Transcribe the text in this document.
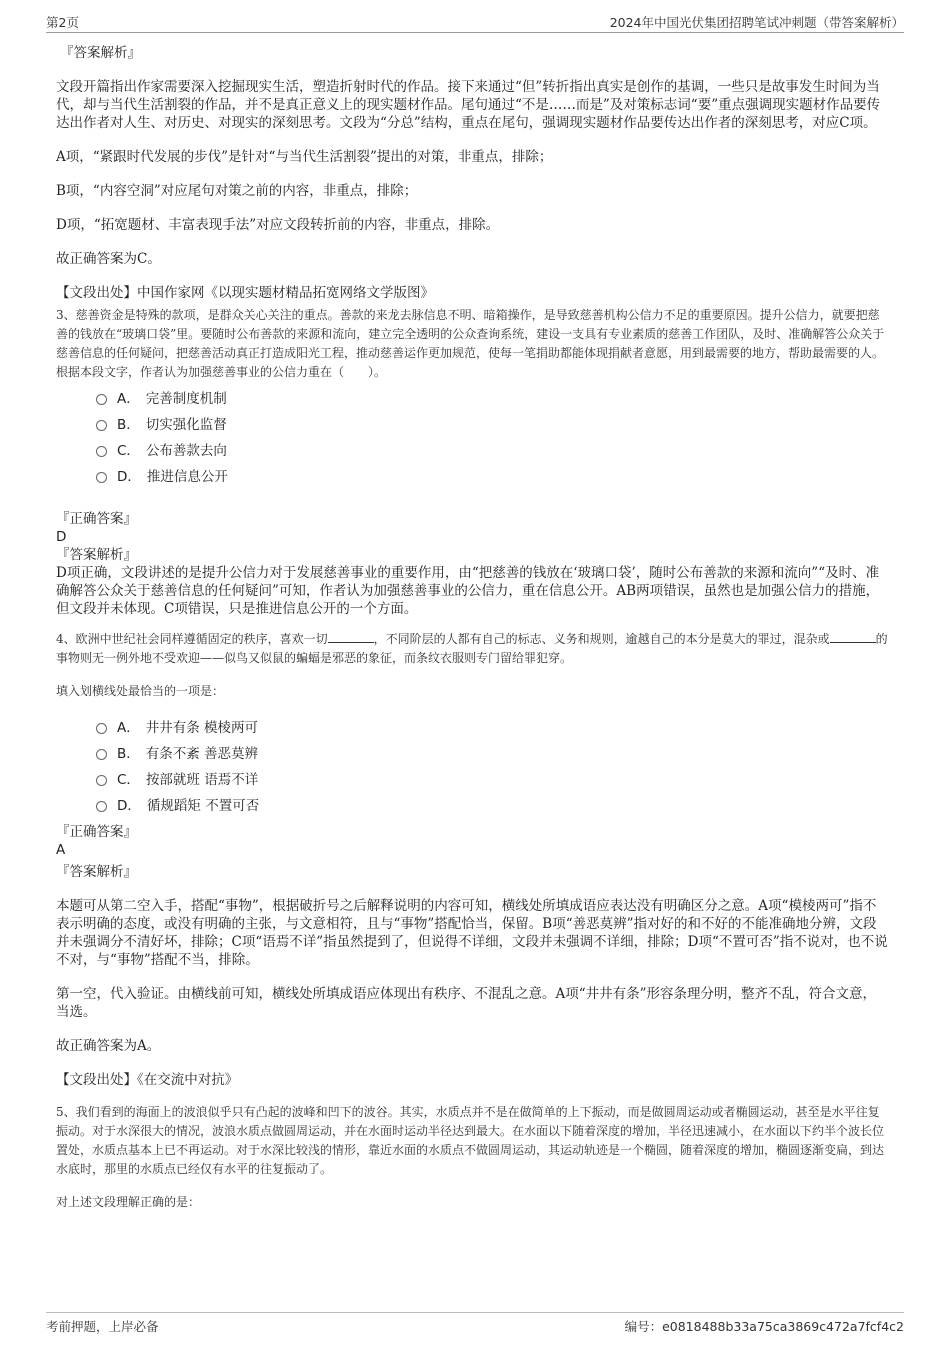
第2页	2024年中国光伏集团招聘笔试冲刺题（带答案解析）

『答案解析』

文段开篇指出作家需要深入挖掘现实生活，塑造折射时代的作品。接下来通过“但”转折指出真实是创作的基调，一些只是故事发生时间为当代，却与当代生活割裂的作品，并不是真正意义上的现实题材作品。尾句通过“不是……而是”及对策标志词“要”重点强调现实题材作品要传达出作者对人生、对历史、对现实的深刻思考。文段为“分总”结构，重点在尾句，强调现实题材作品要传达出作者的深刻思考，对应C项。

A项，“紧跟时代发展的步伐”是针对“与当代生活割裂”提出的对策，非重点，排除；

B项，“内容空洞”对应尾句对策之前的内容，非重点，排除；

D项，“拓宽题材、丰富表现手法”对应文段转折前的内容，非重点，排除。

故正确答案为C。

【文段出处】中国作家网《以现实题材精品拓宽网络文学版图》

3、慈善资金是特殊的款项，是群众关心关注的重点。善款的来龙去脉信息不明、暗箱操作，是导致慈善机构公信力不足的重要原因。提升公信力，就要把慈善的钱放在“玻璃口袋”里。要随时公布善款的来源和流向，建立完全透明的公众查询系统，建设一支具有专业素质的慈善工作团队，及时、准确解答公众关于慈善信息的任何疑问，把慈善活动真正打造成阳光工程，推动慈善运作更加规范，使每一笔捐助都能体现捐献者意愿，用到最需要的地方，帮助最需要的人。

根据本段文字，作者认为加强慈善事业的公信力重在（　　）。

A． 完善制度机制
B． 切实强化监督
C． 公布善款去向
D． 推进信息公开

『正确答案』

D

『答案解析』

D项正确，文段讲述的是提升公信力对于发展慈善事业的重要作用，由“把慈善的钱放在‘玻璃口袋’，随时公布善款的来源和流向”“及时、准确解答公众关于慈善信息的任何疑问”可知，作者认为加强慈善事业的公信力，重在信息公开。AB两项错误，虽然也是加强公信力的措施，但文段并未体现。C项错误，只是推进信息公开的一个方面。

4、欧洲中世纪社会同样遵循固定的秩序，喜欢一切	，不同阶层的人都有自己的标志、义务和规则，逾越自己的本分是莫大的罪过，混杂或	的事物则无一例外地不受欢迎——似鸟又似鼠的蝙蝠是邪恶的象征，而条纹衣服则专门留给罪犯穿。

填入划横线处最恰当的一项是：

A． 井井有条 模棱两可
B． 有条不紊 善恶莫辨
C． 按部就班 语焉不详
D． 循规蹈矩 不置可否

『正确答案』

A

『答案解析』

本题可从第二空入手，搭配“事物”，根据破折号之后解释说明的内容可知，横线处所填成语应表达没有明确区分之意。A项“模棱两可”指不表示明确的态度，或没有明确的主张，与文意相符，且与“事物”搭配恰当，保留。B项“善恶莫辨”指对好的和不好的不能准确地分辨，文段并未强调分不清好坏，排除；C项“语焉不详”指虽然提到了，但说得不详细，文段并未强调不详细，排除；D项“不置可否”指不说对，也不说不对，与“事物”搭配不当，排除。

第一空，代入验证。由横线前可知，横线处所填成语应体现出有秩序、不混乱之意。A项“井井有条”形容条理分明，整齐不乱，符合文意，当选。

故正确答案为A。

【文段出处】《在交流中对抗》

5、我们看到的海面上的波浪似乎只有凸起的波峰和凹下的波谷。其实，水质点并不是在做简单的上下振动，而是做圆周运动或者椭圆运动，甚至是水平往复振动。对于水深很大的情况，波浪水质点做圆周运动，并在水面时运动半径达到最大。在水面以下随着深度的增加，半径迅速减小，在水面以下约半个波长位置处，水质点基本上已不再运动。对于水深比较浅的情形，靠近水面的水质点不做圆周运动，其运动轨迹是一个椭圆，随着深度的增加，椭圆逐渐变扁，到达水底时，那里的水质点已经仅有水平的往复振动了。

对上述文段理解正确的是：

考前押题，上岸必备	编号：e0818488b33a75ca3869c472a7fcf4c2
